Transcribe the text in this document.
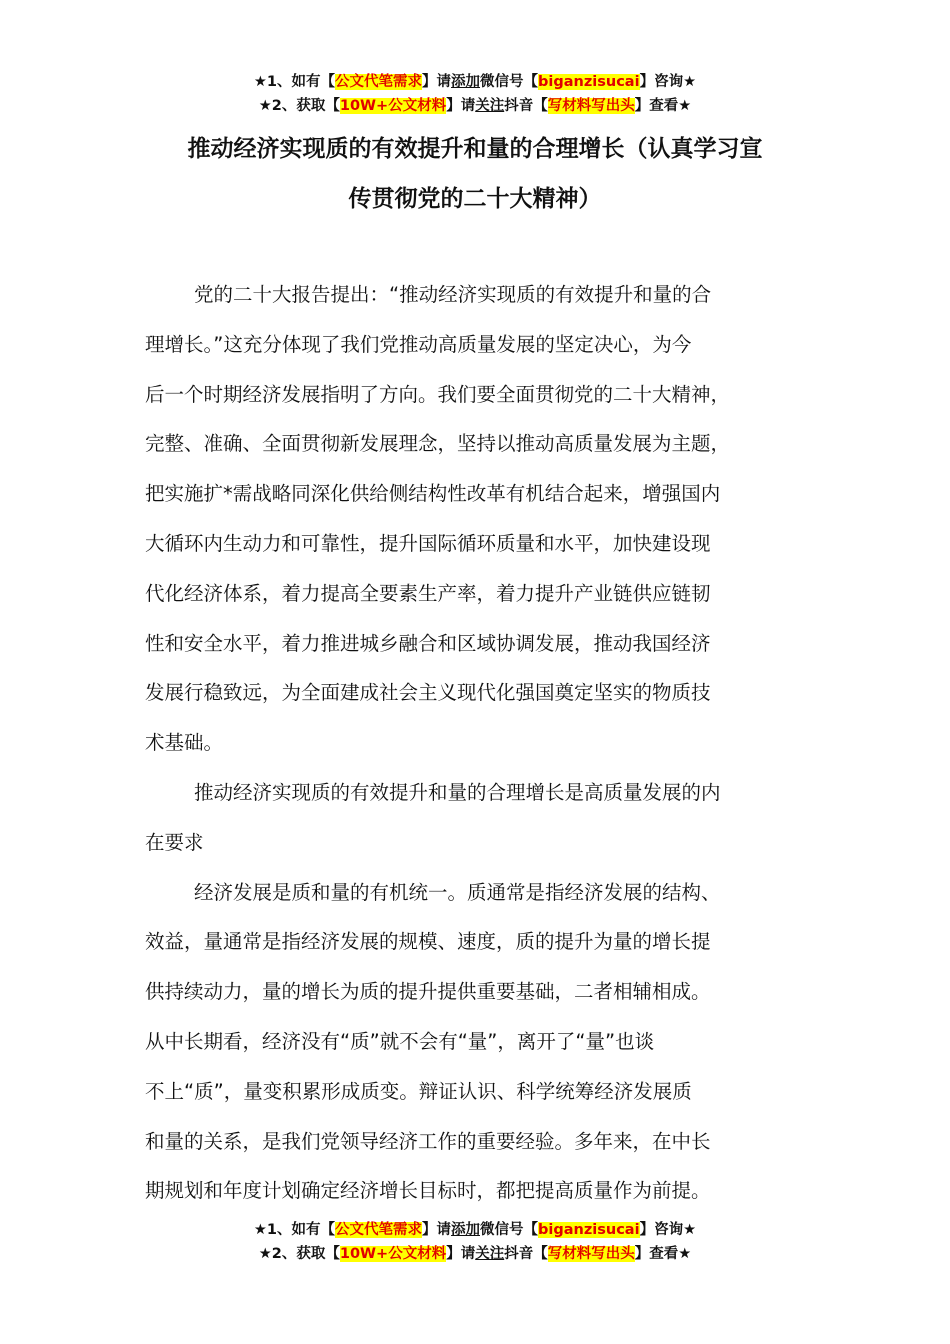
★1、如有【公文代笔需求】请添加微信号【biganzisucai】咨询★
★2、获取【10W+公文材料】请关注抖音【写材料写出头】查看★
推动经济实现质的有效提升和量的合理增长（认真学习宣
传贯彻党的二十大精神）
党的二十大报告提出：“推动经济实现质的有效提升和量的合
理增长。”这充分体现了我们党推动高质量发展的坚定决心，为今
后一个时期经济发展指明了方向。我们要全面贯彻党的二十大精神，
完整、准确、全面贯彻新发展理念，坚持以推动高质量发展为主题，
把实施扩*需战略同深化供给侧结构性改革有机结合起来，增强国内
大循环内生动力和可靠性，提升国际循环质量和水平，加快建设现
代化经济体系，着力提高全要素生产率，着力提升产业链供应链韧
性和安全水平，着力推进城乡融合和区域协调发展，推动我国经济
发展行稳致远，为全面建成社会主义现代化强国奠定坚实的物质技
术基础。
推动经济实现质的有效提升和量的合理增长是高质量发展的内
在要求
经济发展是质和量的有机统一。质通常是指经济发展的结构、
效益，量通常是指经济发展的规模、速度，质的提升为量的增长提
供持续动力，量的增长为质的提升提供重要基础，二者相辅相成。
从中长期看，经济没有“质”就不会有“量”，离开了“量”也谈
不上“质”，量变积累形成质变。辩证认识、科学统筹经济发展质
和量的关系，是我们党领导经济工作的重要经验。多年来，在中长
期规划和年度计划确定经济增长目标时，都把提高质量作为前提。
★1、如有【公文代笔需求】请添加微信号【biganzisucai】咨询★
★2、获取【10W+公文材料】请关注抖音【写材料写出头】查看★
